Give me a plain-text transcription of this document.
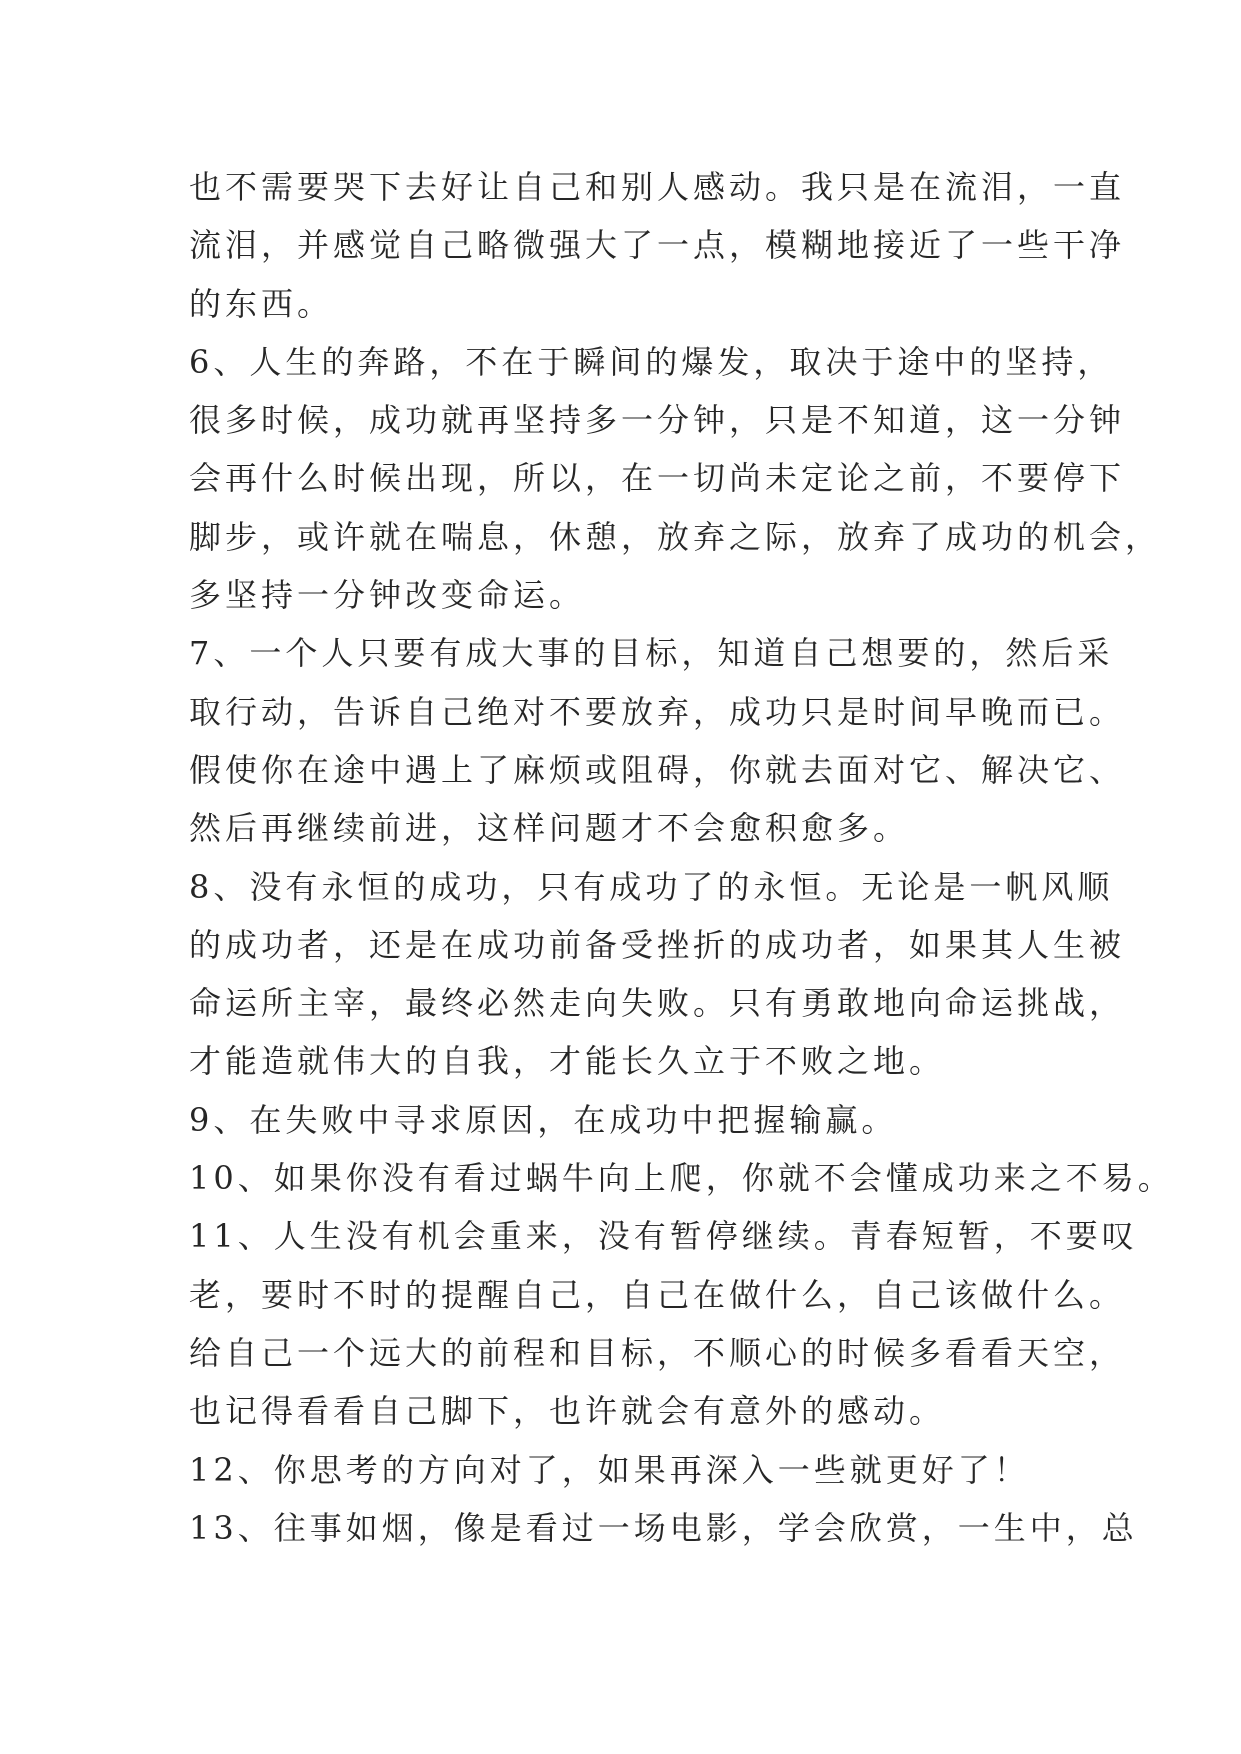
也不需要哭下去好让自己和别人感动。我只是在流泪，一直
流泪，并感觉自己略微强大了一点，模糊地接近了一些干净
的东西。
6、人生的奔路，不在于瞬间的爆发，取决于途中的坚持，
很多时候，成功就再坚持多一分钟，只是不知道，这一分钟
会再什么时候出现，所以，在一切尚未定论之前，不要停下
脚步，或许就在喘息，休憩，放弃之际，放弃了成功的机会，
多坚持一分钟改变命运。
7、一个人只要有成大事的目标，知道自己想要的，然后采
取行动，告诉自己绝对不要放弃，成功只是时间早晚而已。
假使你在途中遇上了麻烦或阻碍，你就去面对它、解决它、
然后再继续前进，这样问题才不会愈积愈多。
8、没有永恒的成功，只有成功了的永恒。无论是一帆风顺
的成功者，还是在成功前备受挫折的成功者，如果其人生被
命运所主宰，最终必然走向失败。只有勇敢地向命运挑战，
才能造就伟大的自我，才能长久立于不败之地。
9、在失败中寻求原因，在成功中把握输赢。
10、如果你没有看过蜗牛向上爬，你就不会懂成功来之不易。
11、人生没有机会重来，没有暂停继续。青春短暂，不要叹
老，要时不时的提醒自己，自己在做什么，自己该做什么。
给自己一个远大的前程和目标，不顺心的时候多看看天空，
也记得看看自己脚下，也许就会有意外的感动。
12、你思考的方向对了，如果再深入一些就更好了！
13、往事如烟，像是看过一场电影，学会欣赏，一生中，总
